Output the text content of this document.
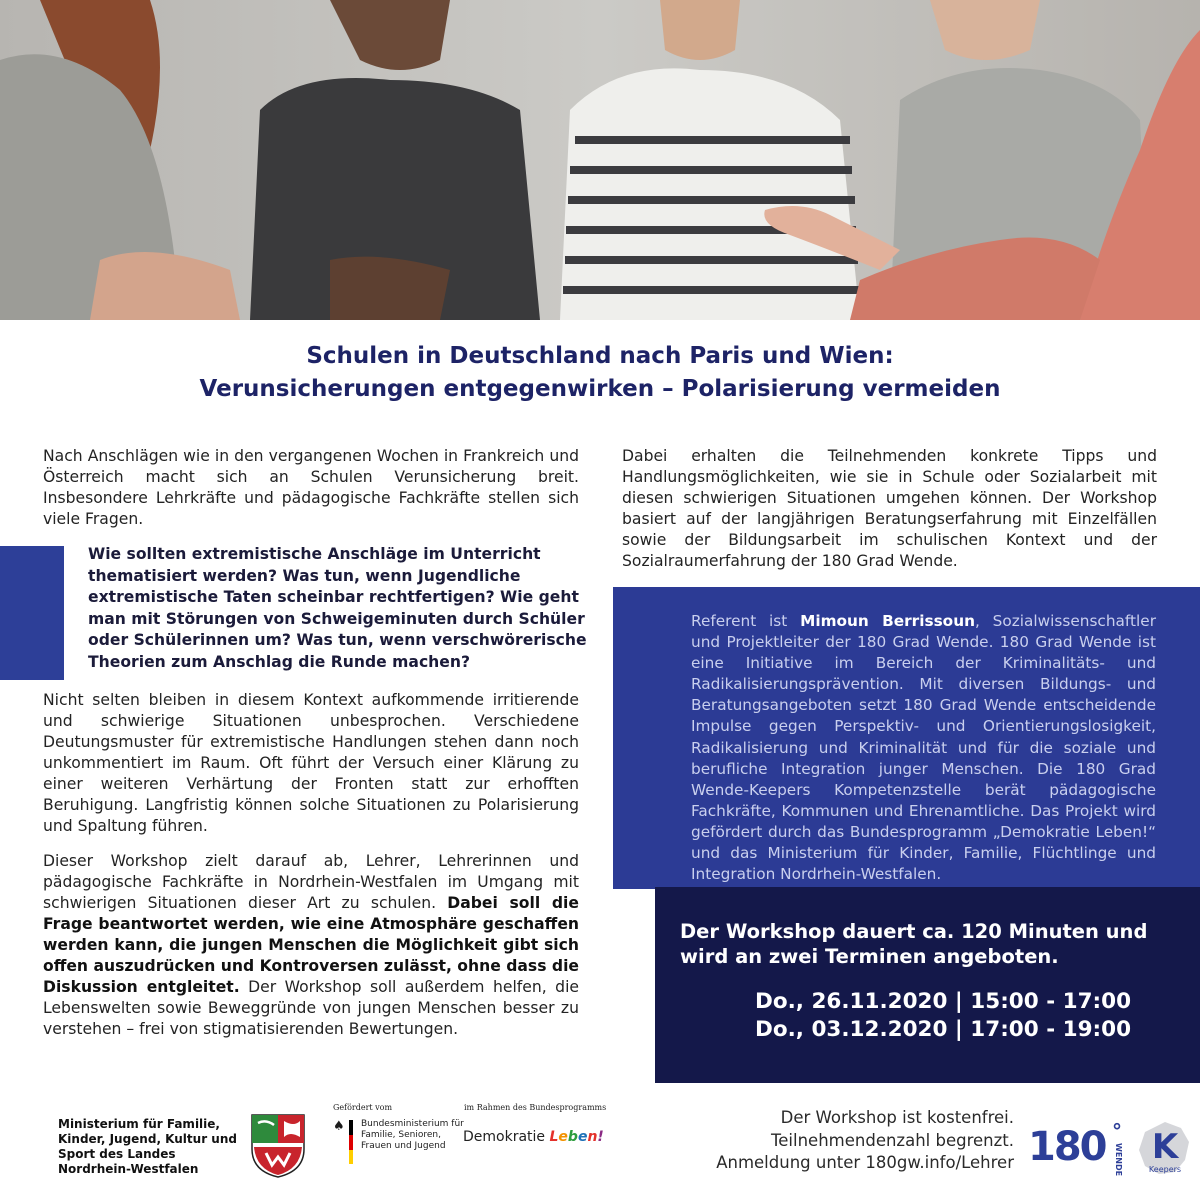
Schulen in Deutschland nach Paris und Wien:
Verunsicherungen entgegenwirken – Polarisierung vermeiden
Nach Anschlägen wie in den vergangenen Wochen in Frankreich und Österreich macht sich an Schulen Verunsicherung breit. Insbesondere Lehrkräfte und pädagogische Fachkräfte stellen sich viele Fragen.
Wie sollten extremistische Anschläge im Unterricht thematisiert werden? Was tun, wenn Jugendliche extremistische Taten scheinbar rechtfertigen? Wie geht man mit Störungen von Schweigeminuten durch Schüler oder Schülerinnen um? Was tun, wenn verschwörerische Theorien zum Anschlag die Runde machen?
Nicht selten bleiben in diesem Kontext aufkommende irritierende und schwierige Situationen unbesprochen. Verschiedene Deutungsmuster für extremistische Handlungen stehen dann noch unkommentiert im Raum. Oft führt der Versuch einer Klärung zu einer weiteren Verhärtung der Fronten statt zur erhofften Beruhigung. Langfristig können solche Situationen zu Polarisierung und Spaltung führen.
Dieser Workshop zielt darauf ab, Lehrer, Lehrerinnen und pädagogische Fachkräfte in Nordrhein-Westfalen im Umgang mit schwierigen Situationen dieser Art zu schulen. Dabei soll die Frage beantwortet werden, wie eine Atmosphäre geschaffen werden kann, die jungen Menschen die Möglichkeit gibt sich offen auszudrücken und Kontroversen zulässt, ohne dass die Diskussion entgleitet. Der Workshop soll außerdem helfen, die Lebenswelten sowie Beweggründe von jungen Menschen besser zu verstehen – frei von stigmatisierenden Bewertungen.
Dabei erhalten die Teilnehmenden konkrete Tipps und Handlungsmöglichkeiten, wie sie in Schule oder Sozialarbeit mit diesen schwierigen Situationen umgehen können. Der Workshop basiert auf der langjährigen Beratungserfahrung mit Einzelfällen sowie der Bildungsarbeit im schulischen Kontext und der Sozialraumerfahrung der 180 Grad Wende.
Referent ist Mimoun Berrissoun, Sozialwissenschaftler und Projektleiter der 180 Grad Wende. 180 Grad Wende ist eine Initiative im Bereich der Kriminalitäts- und Radikalisierungsprävention. Mit diversen Bildungs- und Beratungsangeboten setzt 180 Grad Wende entscheidende Impulse gegen Perspektiv- und Orientierungslosigkeit, Radikalisierung und Kriminalität und für die soziale und berufliche Integration junger Menschen. Die 180 Grad Wende-Keepers Kompetenzstelle berät pädagogische Fachkräfte, Kommunen und Ehrenamtliche. Das Projekt wird gefördert durch das Bundesprogramm „Demokratie Leben!“ und das Ministerium für Kinder, Familie, Flüchtlinge und Integration Nordrhein-Westfalen.
Der Workshop dauert ca. 120 Minuten und wird an zwei Terminen angeboten.
Do., 26.11.2020 | 15:00 - 17:00
Do., 03.12.2020 | 17:00 - 19:00
Ministerium für Familie, Kinder, Jugend, Kultur und Sport des Landes Nordrhein-Westfalen
Gefördert vom
♠ Bundesministerium für Familie, Senioren, Frauen und Jugend
im Rahmen des Bundesprogramms
Demokratie Leben!
Der Workshop ist kostenfrei.
Teilnehmendenzahl begrenzt.
Anmeldung unter 180gw.info/Lehrer 180 °
WENDE K
Keepers
